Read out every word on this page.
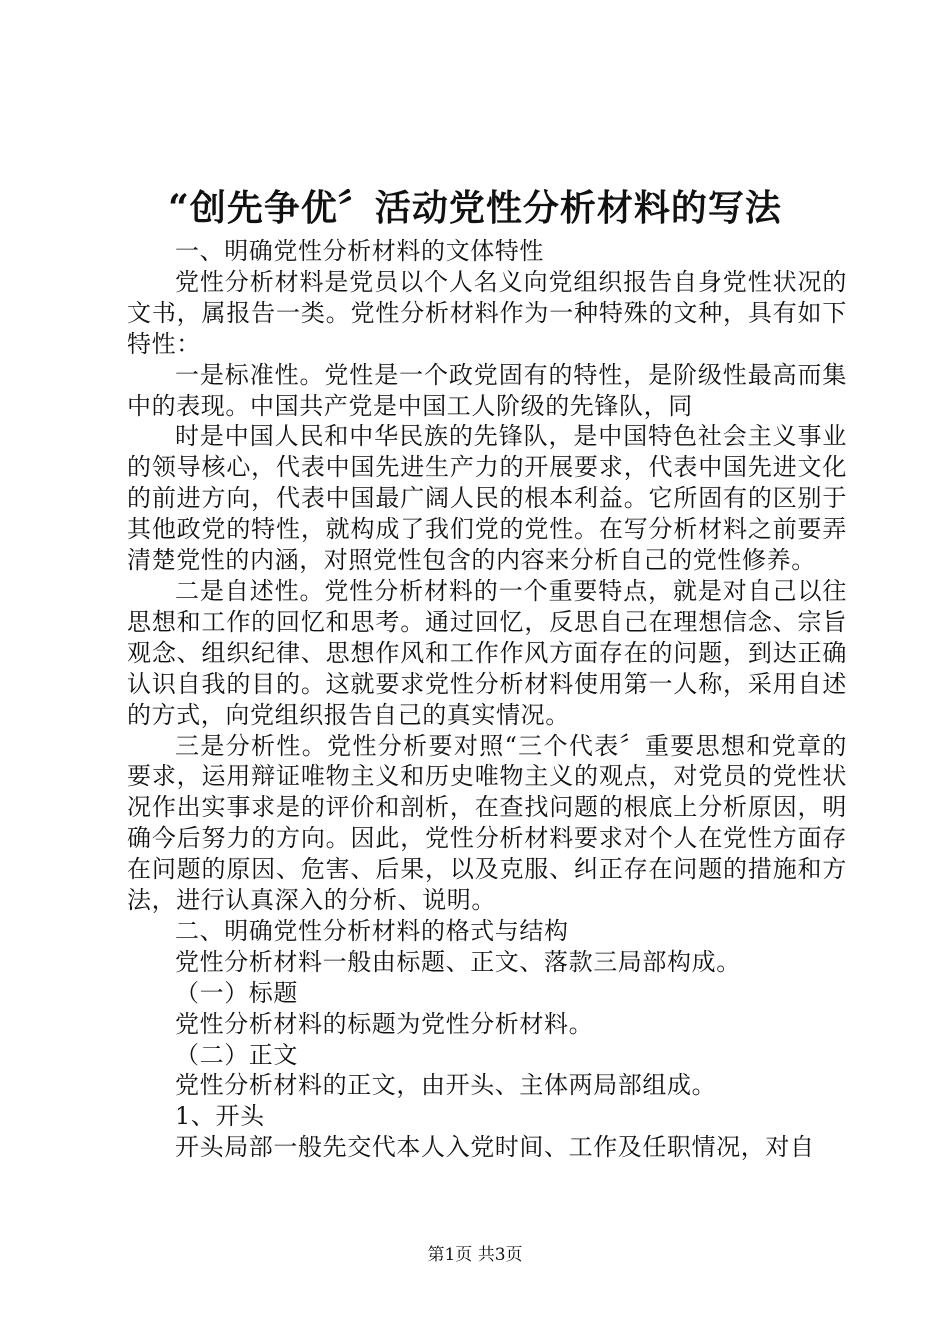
“创先争优〞活动党性分析材料的写法

一、明确党性分析材料的文体特性

党性分析材料是党员以个人名义向党组织报告自身党性状况的文书，属报告一类。党性分析材料作为一种特殊的文种，具有如下特性：

一是标准性。党性是一个政党固有的特性，是阶级性最高而集中的表现。中国共产党是中国工人阶级的先锋队，同

时是中国人民和中华民族的先锋队，是中国特色社会主义事业的领导核心，代表中国先进生产力的开展要求，代表中国先进文化的前进方向，代表中国最广阔人民的根本利益。它所固有的区别于其他政党的特性，就构成了我们党的党性。在写分析材料之前要弄清楚党性的内涵，对照党性包含的内容来分析自己的党性修养。

二是自述性。党性分析材料的一个重要特点，就是对自己以往思想和工作的回忆和思考。通过回忆，反思自己在理想信念、宗旨观念、组织纪律、思想作风和工作作风方面存在的问题，到达正确认识自我的目的。这就要求党性分析材料使用第一人称，采用自述的方式，向党组织报告自己的真实情况。

三是分析性。党性分析要对照“三个代表〞重要思想和党章的要求，运用辩证唯物主义和历史唯物主义的观点，对党员的党性状况作出实事求是的评价和剖析，在查找问题的根底上分析原因，明确今后努力的方向。因此，党性分析材料要求对个人在党性方面存在问题的原因、危害、后果，以及克服、纠正存在问题的措施和方法，进行认真深入的分析、说明。

二、明确党性分析材料的格式与结构

党性分析材料一般由标题、正文、落款三局部构成。

（一）标题

党性分析材料的标题为党性分析材料。

（二）正文

党性分析材料的正文，由开头、主体两局部组成。

1、开头

开头局部一般先交代本人入党时间、工作及任职情况，对自

第1页 共3页
